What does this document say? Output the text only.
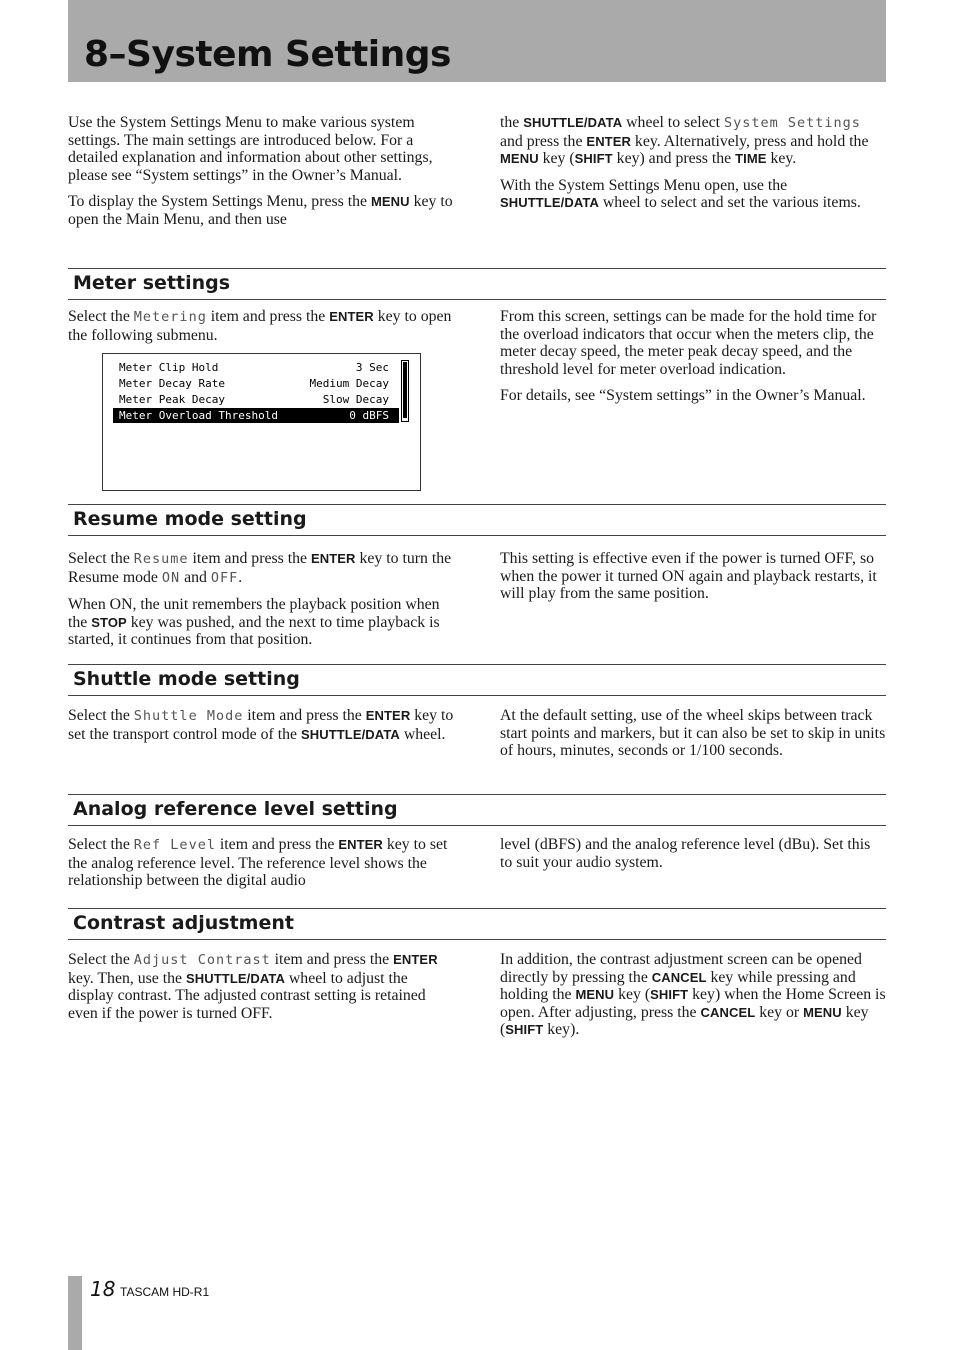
8–System Settings

Use the System Settings Menu to make various system settings. The main settings are introduced below. For a detailed explanation and information about other settings, please see “System settings” in the Owner’s Manual.

To display the System Settings Menu, press the MENU key to open the Main Menu, and then use

the SHUTTLE/DATA wheel to select System Settings and press the ENTER key. Alternatively, press and hold the MENU key (SHIFT key) and press the TIME key.

With the System Settings Menu open, use the SHUTTLE/DATA wheel to select and set the various items.

Meter settings

Select the Metering item and press the ENTER key to open the following submenu.

From this screen, settings can be made for the hold time for the overload indicators that occur when the meters clip, the meter decay speed, the meter peak decay speed, and the threshold level for meter overload indication.

For details, see “System settings” in the Owner’s Manual.

Meter Clip Hold	3 Sec
Meter Decay Rate	Medium Decay
Meter Peak Decay	Slow Decay
Meter Overload Threshold	0 dBFS
Resume mode setting

Select the Resume item and press the ENTER key to turn the Resume mode ON and OFF.

When ON, the unit remembers the playback position when the STOP key was pushed, and the next to time playback is started, it continues from that position.

This setting is effective even if the power is turned OFF, so when the power it turned ON again and playback restarts, it will play from the same position.

Shuttle mode setting

Select the Shuttle Mode item and press the ENTER key to set the transport control mode of the SHUTTLE/DATA wheel.

At the default setting, use of the wheel skips between track start points and markers, but it can also be set to skip in units of hours, minutes, seconds or 1/100 seconds.

Analog reference level setting

Select the Ref Level item and press the ENTER key to set the analog reference level. The reference level shows the relationship between the digital audio

level (dBFS) and the analog reference level (dBu). Set this to suit your audio system.

Contrast adjustment

Select the Adjust Contrast item and press the ENTER key. Then, use the SHUTTLE/DATA wheel to adjust the display contrast. The adjusted contrast setting is retained even if the power is turned OFF.

In addition, the contrast adjustment screen can be opened directly by pressing the CANCEL key while pressing and holding the MENU key (SHIFT key) when the Home Screen is open. After adjusting, press the CANCEL key or MENU key (SHIFT key).

18 TASCAM HD-R1
